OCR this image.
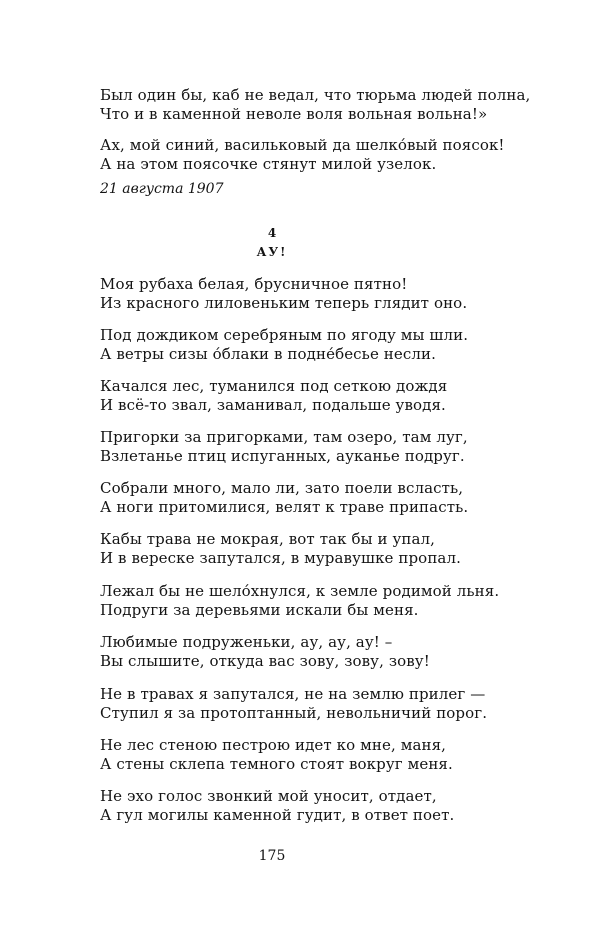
Был один бы, каб не ведал, что тюрьма людей полна,
Что и в каменной неволе воля вольная вольна!»
Ах, мой синий, васильковый да шелко́вый поясок!
А на этом поясочке стянут милой узелок.
21 августа 1907
4
АУ!
Моя рубаха белая, брусничное пятно!
Из красного лиловеньким теперь глядит оно.
Под дождиком серебряным по ягоду мы шли.
А ветры сизы о́блаки в подне́бесье несли.
Качался лес, туманился под сеткою дождя
И всё-то звал, заманивал, подальше уводя.
Пригорки за пригорками, там озеро, там луг,
Взлетанье птиц испуганных, ауканье подруг.
Собрали много, мало ли, зато поели всласть,
А ноги притомилися, велят к траве припасть.
Кабы трава не мокрая, вот так бы и упал,
И в вереске запутался, в муравушке пропал.
Лежал бы не шело́хнулся, к земле родимой льня.
Подруги за деревьями искали бы меня.
Любимые подруженьки, ау, ау, ау! –
Вы слышите, откуда вас зову, зову, зову!
Не в травах я запутался, не на землю прилег —
Ступил я за протоптанный, невольничий порог.
Не лес стеною пестрою идет ко мне, маня,
А стены склепа темного стоят вокруг меня.
Не эхо голос звонкий мой уносит, отдает,
А гул могилы каменной гудит, в ответ поет.
175
